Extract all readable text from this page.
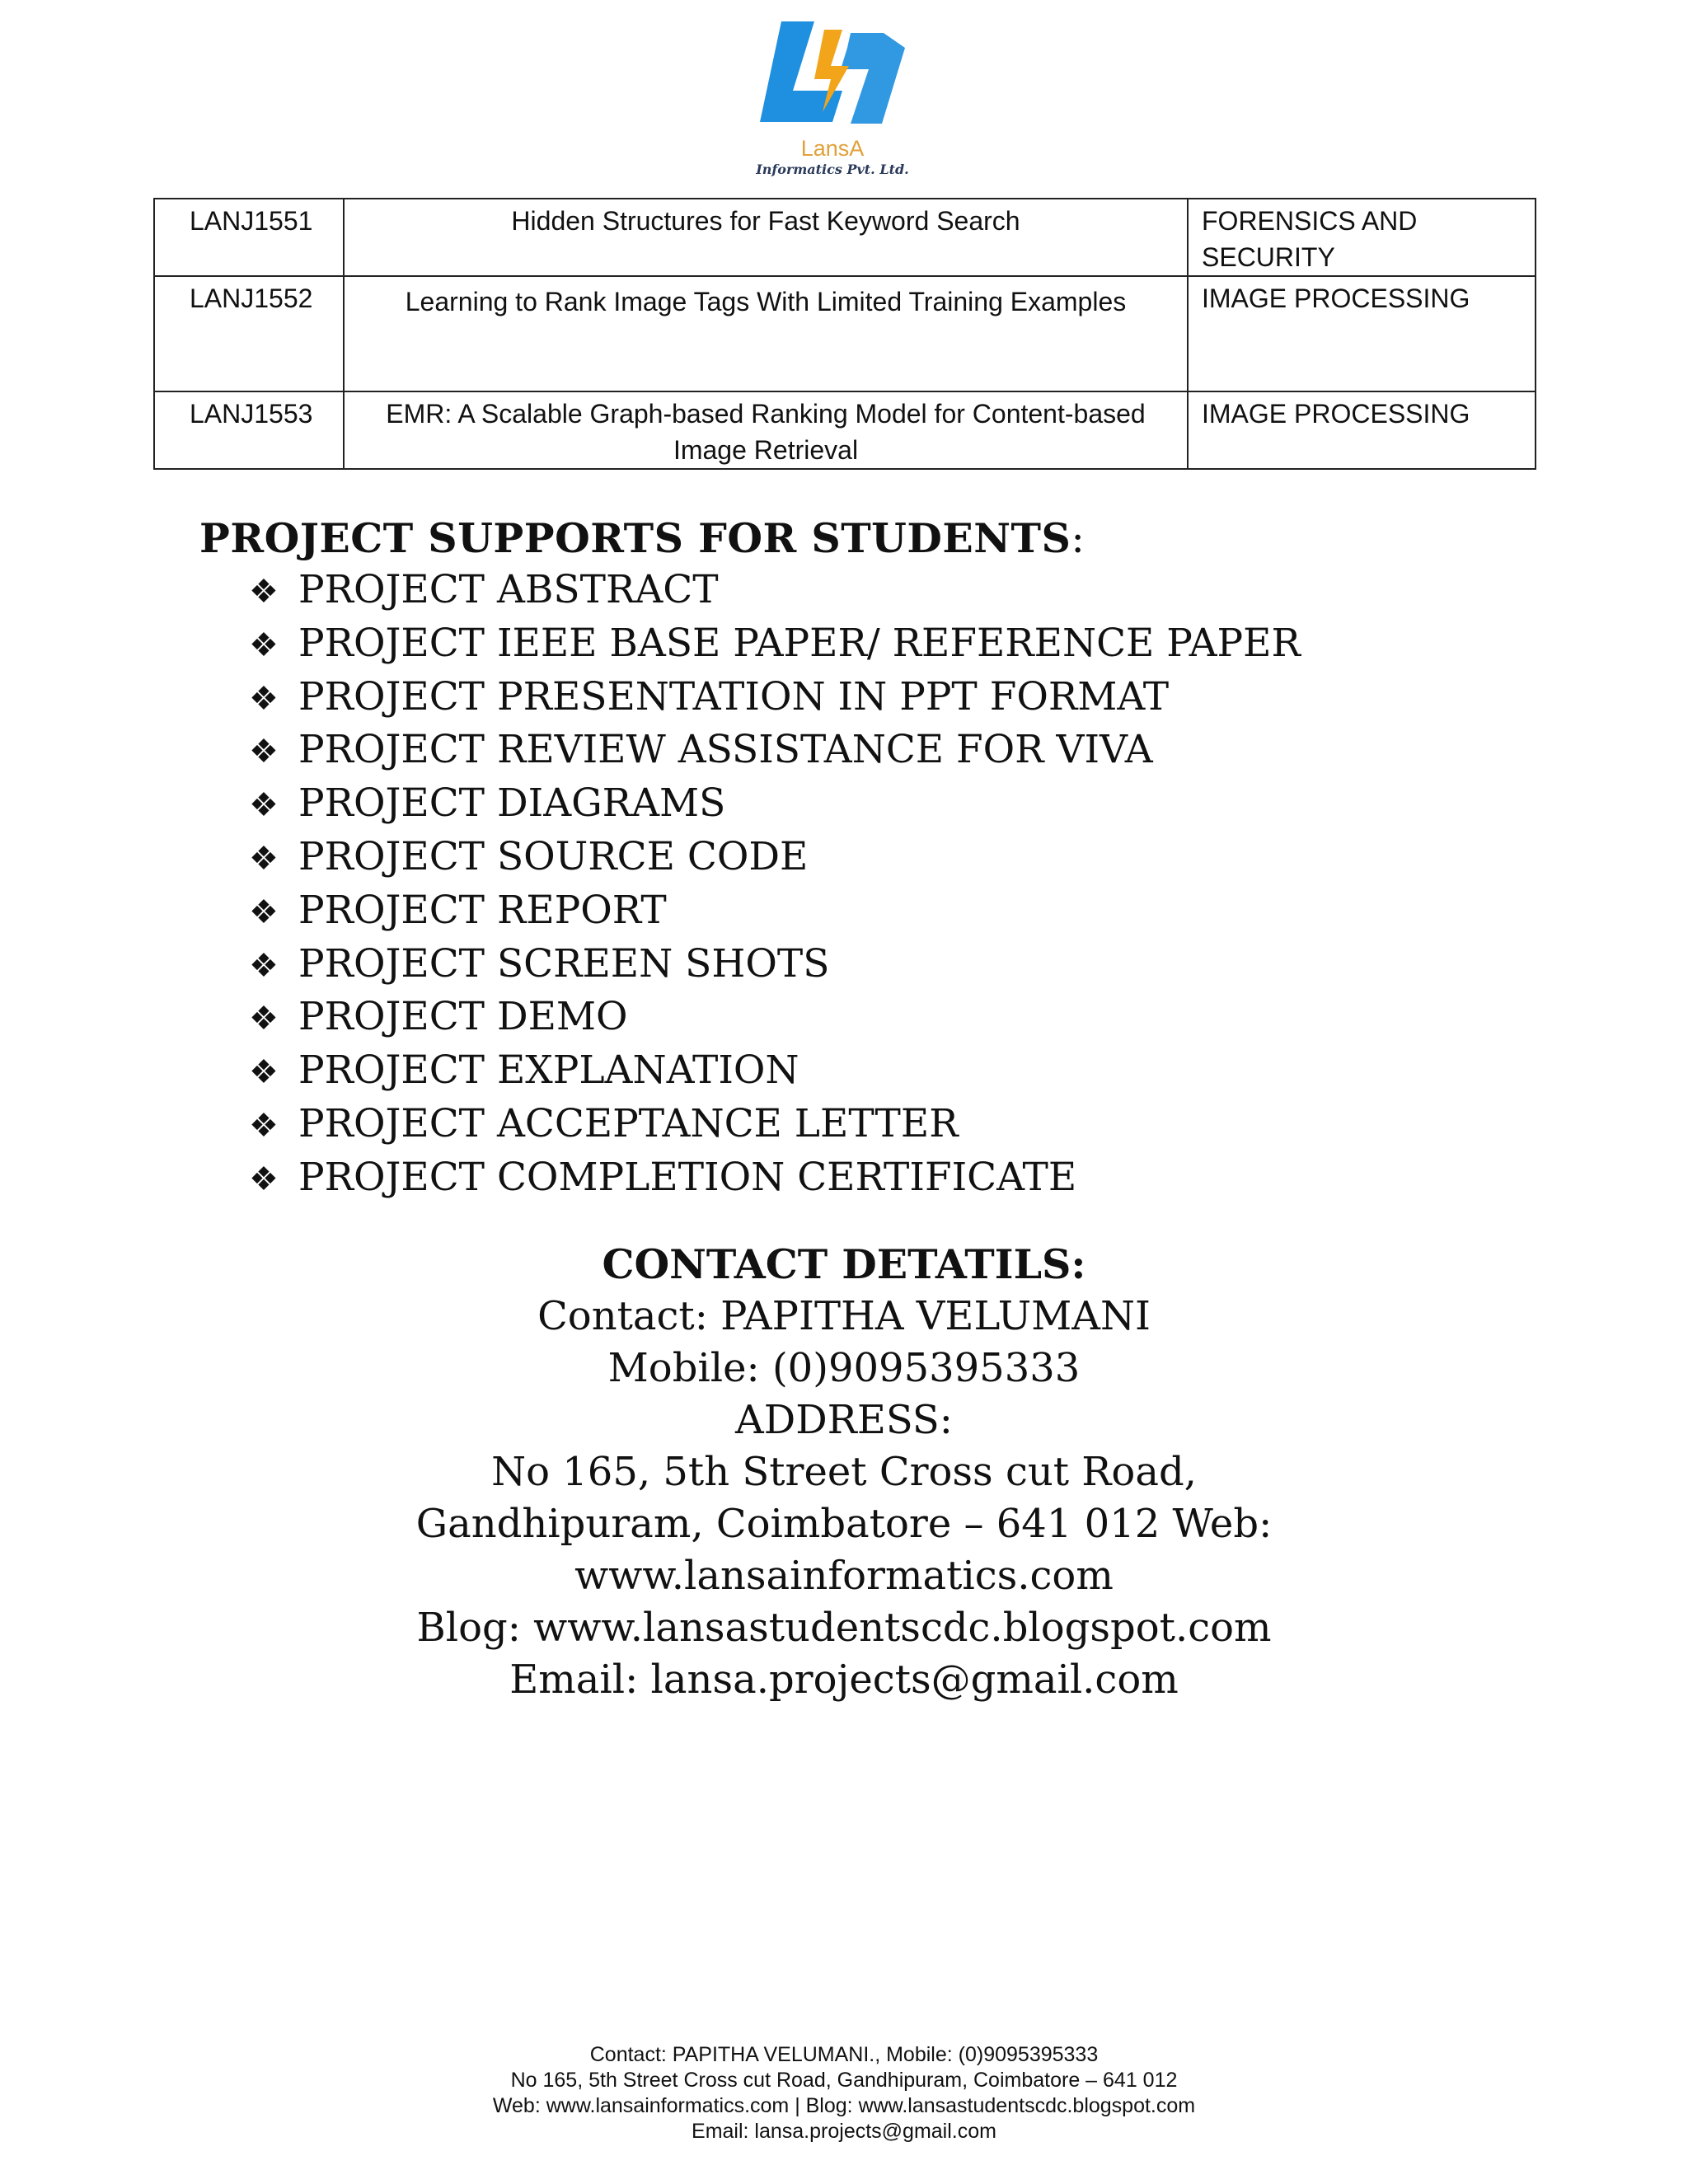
LansA
Informatics Pvt. Ltd.
LANJ1551	Hidden Structures for Fast Keyword Search	FORENSICS AND SECURITY
LANJ1552	Learning to Rank Image Tags With Limited Training Examples	IMAGE PROCESSING
LANJ1553	EMR: A Scalable Graph-based Ranking Model for Content-based Image Retrieval	IMAGE PROCESSING
PROJECT SUPPORTS FOR STUDENTS:
❖ PROJECT ABSTRACT
❖ PROJECT IEEE BASE PAPER/ REFERENCE PAPER
❖ PROJECT PRESENTATION IN PPT FORMAT
❖ PROJECT REVIEW ASSISTANCE FOR VIVA
❖ PROJECT DIAGRAMS
❖ PROJECT SOURCE CODE
❖ PROJECT REPORT
❖ PROJECT SCREEN SHOTS
❖ PROJECT DEMO
❖ PROJECT EXPLANATION
❖ PROJECT ACCEPTANCE LETTER
❖ PROJECT COMPLETION CERTIFICATE
CONTACT DETATILS:
Contact: PAPITHA VELUMANI
Mobile: (0)9095395333
ADDRESS:
No 165, 5th Street Cross cut Road,
Gandhipuram, Coimbatore – 641 012 Web:
www.lansainformatics.com
Blog: www.lansastudentscdc.blogspot.com
Email: lansa.projects@gmail.com
Contact: PAPITHA VELUMANI., Mobile: (0)9095395333
No 165, 5th Street Cross cut Road, Gandhipuram, Coimbatore – 641 012
Web: www.lansainformatics.com | Blog: www.lansastudentscdc.blogspot.com
Email: lansa.projects@gmail.com
